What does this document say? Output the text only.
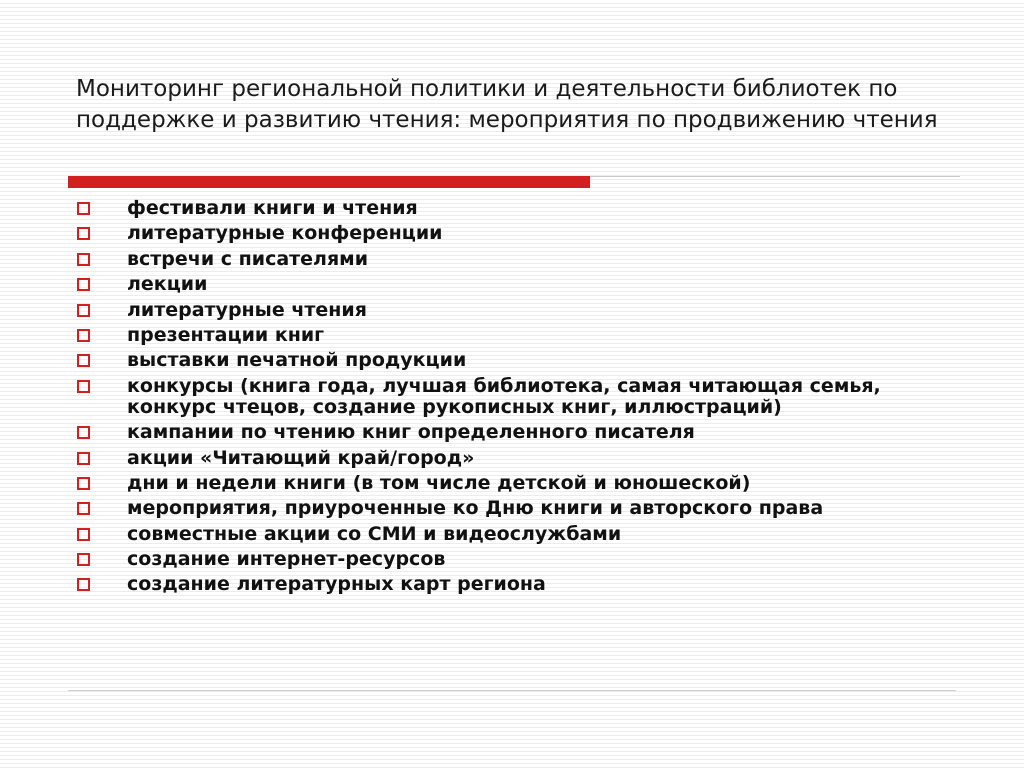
Мониторинг региональной политики и деятельности библиотек по поддержке и развитию чтения: мероприятия по продвижению чтения
фестивали книги и чтения
литературные конференции
встречи с писателями
лекции
литературные чтения
презентации книг
выставки печатной продукции
конкурсы (книга года, лучшая библиотека, самая читающая семья, конкурс чтецов, создание рукописных книг, иллюстраций)
кампании по чтению книг определенного писателя
акции «Читающий край/город»
дни и недели книги (в том числе детской и юношеской)
мероприятия, приуроченные ко Дню книги и авторского права
совместные акции со СМИ и видеослужбами
создание интернет-ресурсов
создание литературных карт региона
